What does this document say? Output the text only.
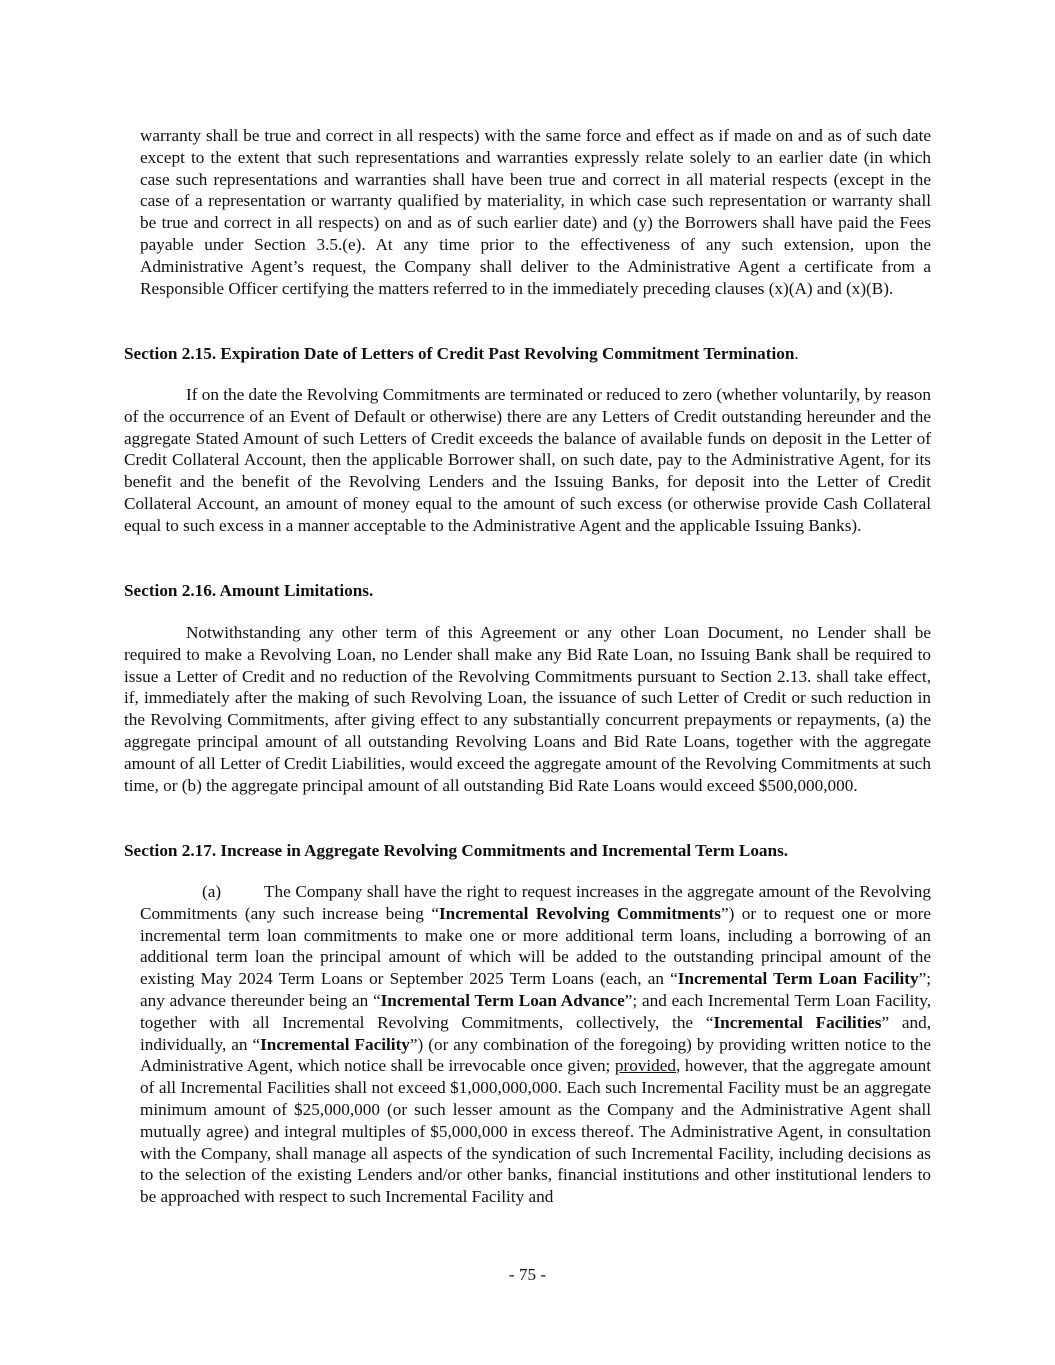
warranty shall be true and correct in all respects) with the same force and effect as if made on and as of such date except to the extent that such representations and warranties expressly relate solely to an earlier date (in which case such representations and warranties shall have been true and correct in all material respects (except in the case of a representation or warranty qualified by materiality, in which case such representation or warranty shall be true and correct in all respects) on and as of such earlier date) and (y) the Borrowers shall have paid the Fees payable under Section 3.5.(e). At any time prior to the effectiveness of any such extension, upon the Administrative Agent’s request, the Company shall deliver to the Administrative Agent a certificate from a Responsible Officer certifying the matters referred to in the immediately preceding clauses (x)(A) and (x)(B).

Section 2.15. Expiration Date of Letters of Credit Past Revolving Commitment Termination.

If on the date the Revolving Commitments are terminated or reduced to zero (whether voluntarily, by reason of the occurrence of an Event of Default or otherwise) there are any Letters of Credit outstanding hereunder and the aggregate Stated Amount of such Letters of Credit exceeds the balance of available funds on deposit in the Letter of Credit Collateral Account, then the applicable Borrower shall, on such date, pay to the Administrative Agent, for its benefit and the benefit of the Revolving Lenders and the Issuing Banks, for deposit into the Letter of Credit Collateral Account, an amount of money equal to the amount of such excess (or otherwise provide Cash Collateral equal to such excess in a manner acceptable to the Administrative Agent and the applicable Issuing Banks).

Section 2.16. Amount Limitations.

Notwithstanding any other term of this Agreement or any other Loan Document, no Lender shall be required to make a Revolving Loan, no Lender shall make any Bid Rate Loan, no Issuing Bank shall be required to issue a Letter of Credit and no reduction of the Revolving Commitments pursuant to Section 2.13. shall take effect, if, immediately after the making of such Revolving Loan, the issuance of such Letter of Credit or such reduction in the Revolving Commitments, after giving effect to any substantially concurrent prepayments or repayments, (a) the aggregate principal amount of all outstanding Revolving Loans and Bid Rate Loans, together with the aggregate amount of all Letter of Credit Liabilities, would exceed the aggregate amount of the Revolving Commitments at such time, or (b) the aggregate principal amount of all outstanding Bid Rate Loans would exceed $500,000,000.

Section 2.17. Increase in Aggregate Revolving Commitments and Incremental Term Loans.

(a) The Company shall have the right to request increases in the aggregate amount of the Revolving Commitments (any such increase being “Incremental Revolving Commitments”) or to request one or more incremental term loan commitments to make one or more additional term loans, including a borrowing of an additional term loan the principal amount of which will be added to the outstanding principal amount of the existing May 2024 Term Loans or September 2025 Term Loans (each, an “Incremental Term Loan Facility”; any advance thereunder being an “Incremental Term Loan Advance”; and each Incremental Term Loan Facility, together with all Incremental Revolving Commitments, collectively, the “Incremental Facilities” and, individually, an “Incremental Facility”) (or any combination of the foregoing) by providing written notice to the Administrative Agent, which notice shall be irrevocable once given; provided, however, that the aggregate amount of all Incremental Facilities shall not exceed $1,000,000,000. Each such Incremental Facility must be an aggregate minimum amount of $25,000,000 (or such lesser amount as the Company and the Administrative Agent shall mutually agree) and integral multiples of $5,000,000 in excess thereof. The Administrative Agent, in consultation with the Company, shall manage all aspects of the syndication of such Incremental Facility, including decisions as to the selection of the existing Lenders and/or other banks, financial institutions and other institutional lenders to be approached with respect to such Incremental Facility and

- 75 -
